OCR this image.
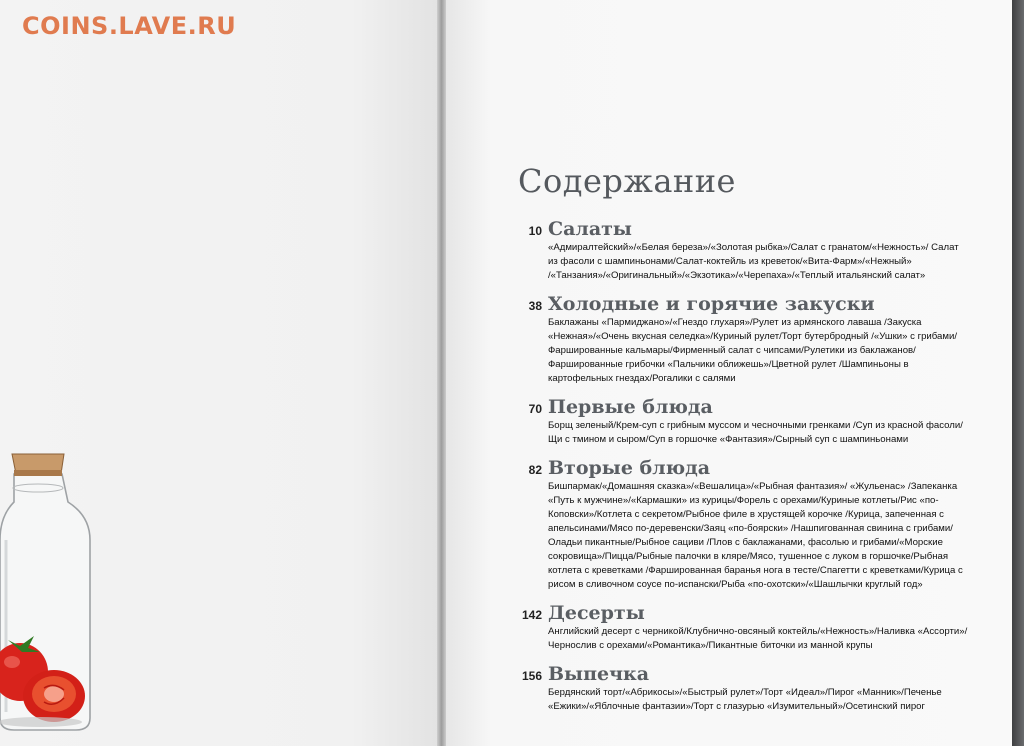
COINS.LAVE.RU
Содержание
10 Салаты
«Адмиралтейский»/«Белая береза»/«Золотая рыбка»/Салат с гранатом/«Нежность»/ Салат из фасоли с шампиньонами/Салат-коктейль из креветок/«Вита-Фарм»/«Нежный» /«Танзания»/«Оригинальный»/«Экзотика»/«Черепаха»/«Теплый итальянский салат»
38 Холодные и горячие закуски
Баклажаны «Пармиджано»/«Гнездо глухаря»/Рулет из армянского лаваша /Закуска «Нежная»/«Очень вкусная селедка»/Куриный рулет/Торт бутербродный /«Ушки» с грибами/Фаршированные кальмары/Фирменный салат с чипсами/Рулетики из баклажанов/Фаршированные грибочки «Пальчики оближешь»/Цветной рулет /Шампиньоны в картофельных гнездах/Рогалики с салями
70 Первые блюда
Борщ зеленый/Крем-суп с грибным муссом и чесночными гренками /Суп из красной фасоли/Щи с тмином и сыром/Суп в горшочке «Фантазия»/Сырный суп с шампиньонами
82 Вторые блюда
Бишпармак/«Домашняя сказка»/«Вешалица»/«Рыбная фантазия»/ «Жульенас» /Запеканка «Путь к мужчине»/«Кармашки» из курицы/Форель с орехами/Куриные котлеты/Рис «по-Коповски»/Котлета с секретом/Рыбное филе в хрустящей корочке /Курица, запеченная с апельсинами/Мясо по-деревенски/Заяц «по-боярски» /Нашпигованная свинина с грибами/Оладьи пикантные/Рыбное сациви /Плов с баклажанами, фасолью и грибами/«Морские сокровища»/Пицца/Рыбные палочки в кляре/Мясо, тушенное с луком в горшочке/Рыбная котлета с креветками /Фаршированная баранья нога в тесте/Спагетти с креветками/Курица с рисом в сливочном соусе по-испански/Рыба «по-охотски»/«Шашлычки круглый год»
142 Десерты
Английский десерт с черникой/Клубнично-овсяный коктейль/«Нежность»/Наливка «Ассорти»/Чернослив с орехами/«Романтика»/Пикантные биточки из манной крупы
156 Выпечка
Бердянский торт/«Абрикосы»/«Быстрый рулет»/Торт «Идеал»/Пирог «Манник»/Печенье «Ежики»/«Яблочные фантазии»/Торт с глазурью «Изумительный»/Осетинский пирог
